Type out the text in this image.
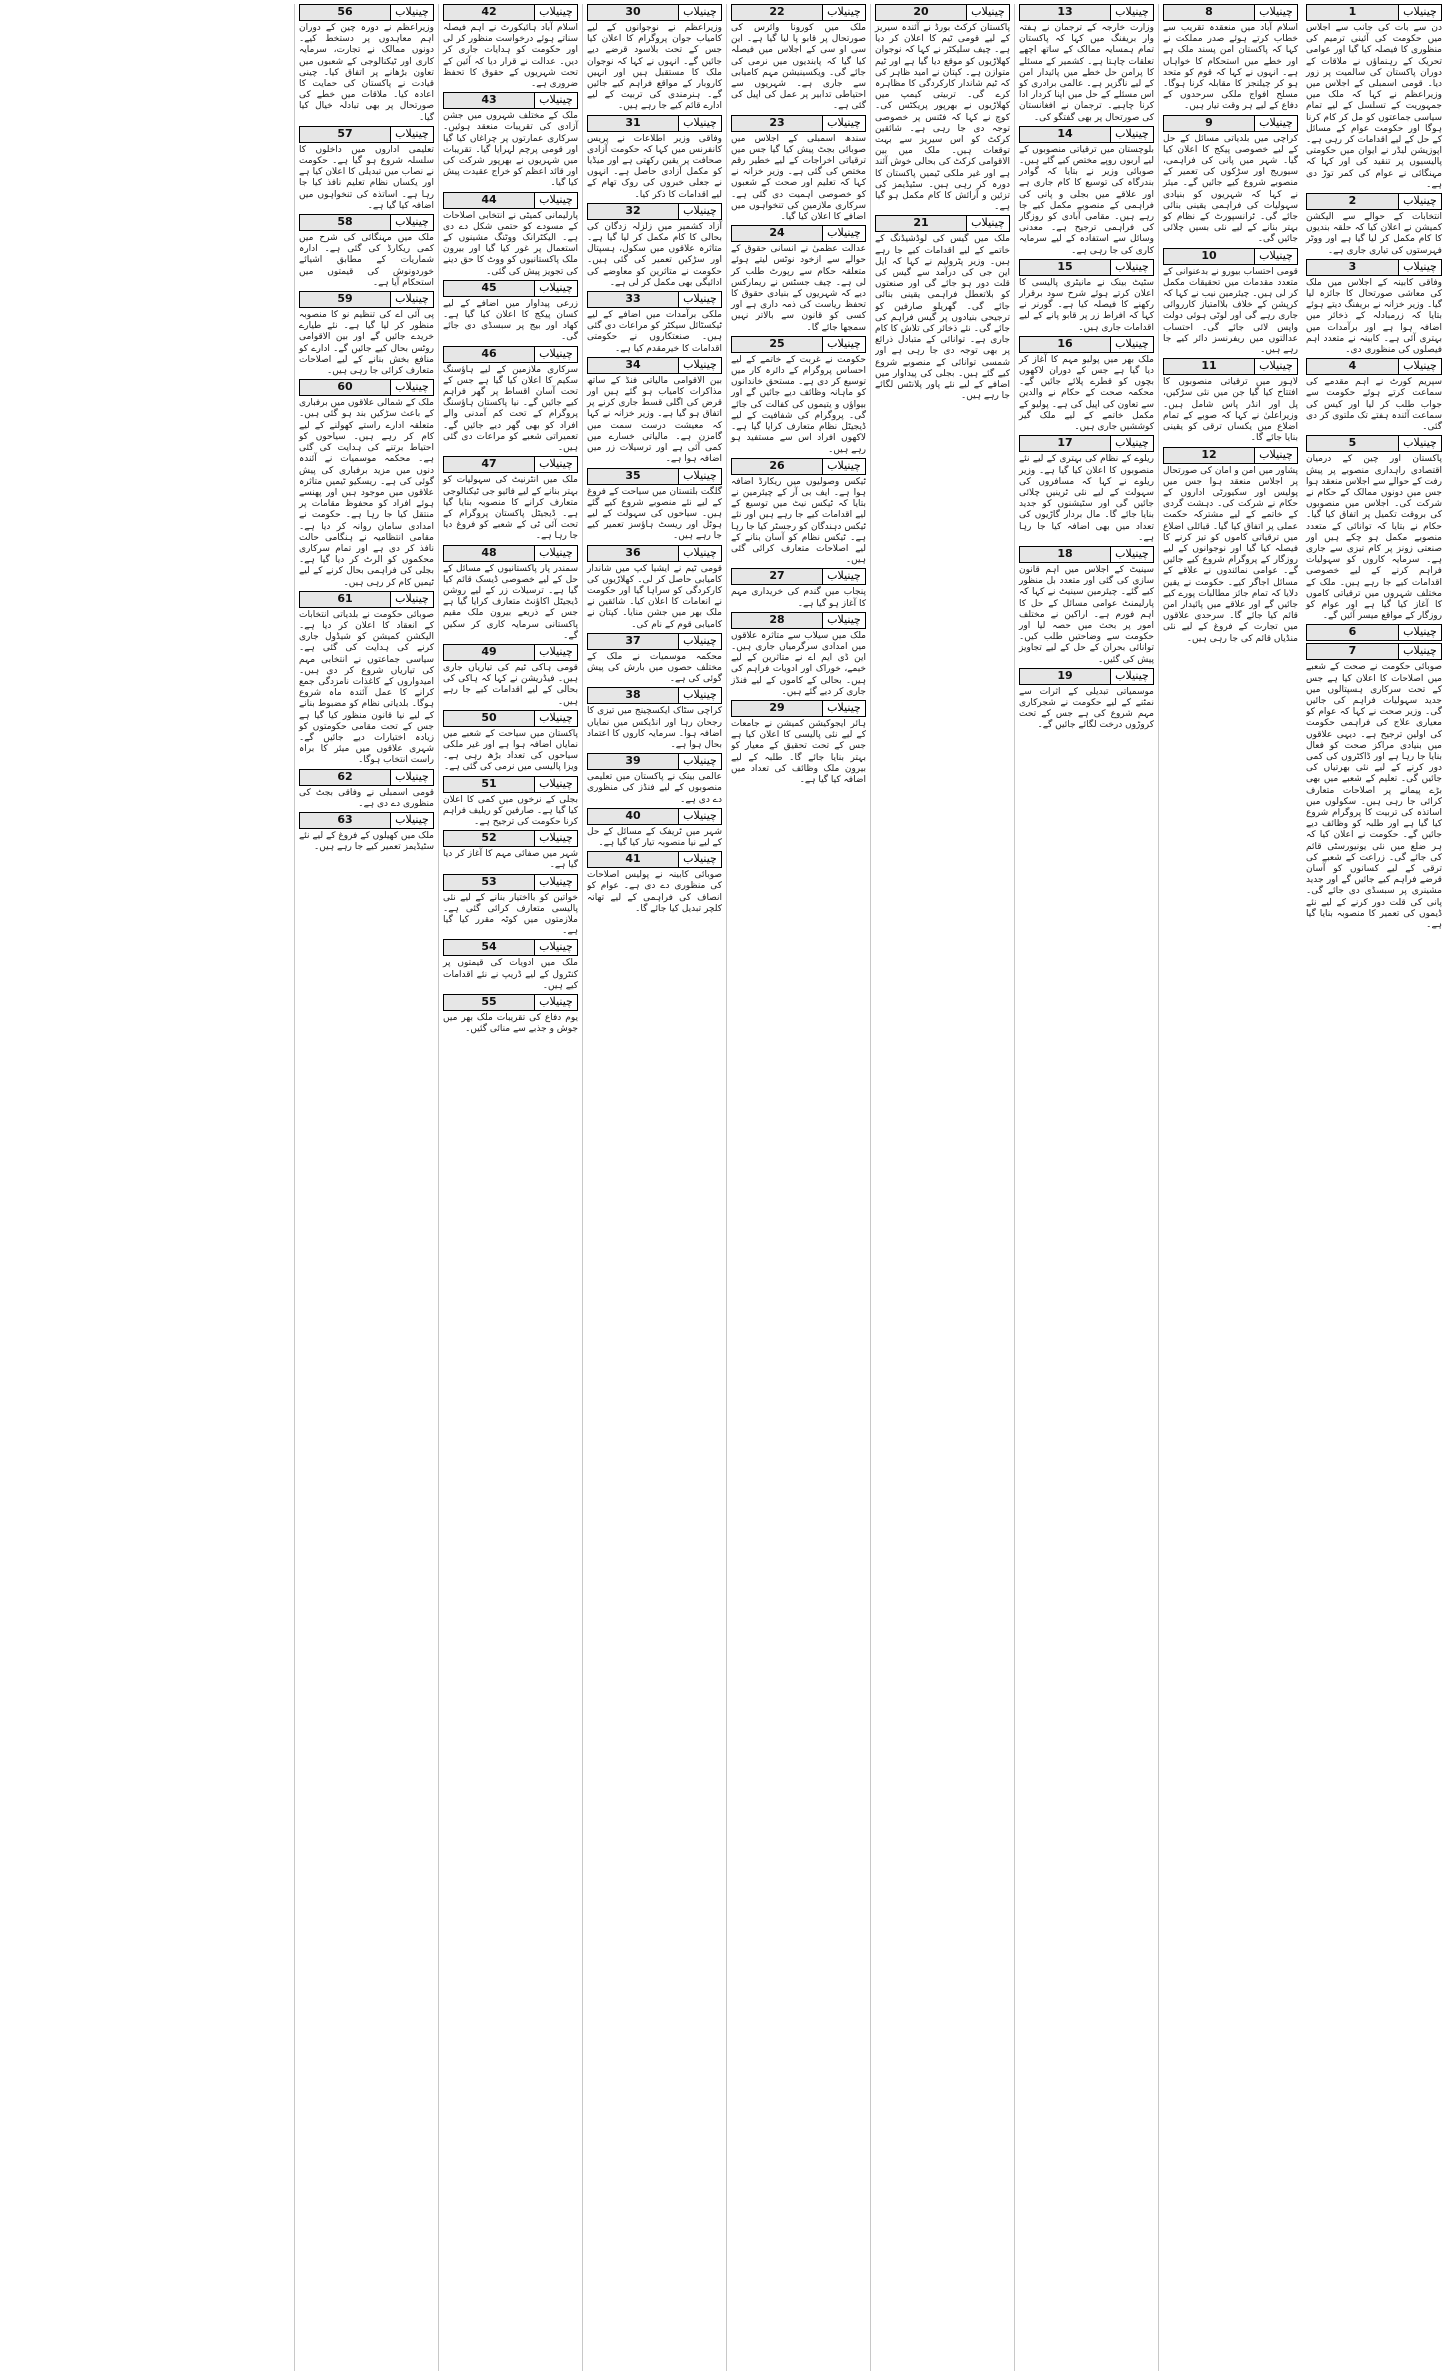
چینیلاب
1

دن سے بات کی جانب سے اجلاس میں حکومت کی آئینی ترمیم کی منظوری کا فیصلہ کیا گیا اور عوامی تحریک کے رہنماؤں نے ملاقات کے دوران پاکستان کی سالمیت پر زور دیا۔ قومی اسمبلی کے اجلاس میں وزیراعظم نے کہا کہ ملک میں جمہوریت کے تسلسل کے لیے تمام سیاسی جماعتوں کو مل کر کام کرنا ہوگا اور حکومت عوام کے مسائل کے حل کے لیے اقدامات کر رہی ہے۔ اپوزیشن لیڈر نے ایوان میں حکومتی پالیسیوں پر تنقید کی اور کہا کہ مہنگائی نے عوام کی کمر توڑ دی ہے۔

چینیلاب
2

انتخابات کے حوالے سے الیکشن کمیشن نے اعلان کیا کہ حلقہ بندیوں کا کام مکمل کر لیا گیا ہے اور ووٹر فہرستوں کی تیاری جاری ہے۔

چینیلاب
3

وفاقی کابینہ کے اجلاس میں ملک کی معاشی صورتحال کا جائزہ لیا گیا۔ وزیر خزانہ نے بریفنگ دیتے ہوئے بتایا کہ زرمبادلہ کے ذخائر میں اضافہ ہوا ہے اور برآمدات میں بہتری آئی ہے۔ کابینہ نے متعدد اہم فیصلوں کی منظوری دی۔

چینیلاب
4

سپریم کورٹ نے اہم مقدمے کی سماعت کرتے ہوئے حکومت سے جواب طلب کر لیا اور کیس کی سماعت آئندہ ہفتے تک ملتوی کر دی گئی۔

چینیلاب
5

پاکستان اور چین کے درمیان اقتصادی راہداری منصوبے پر پیش رفت کے حوالے سے اجلاس منعقد ہوا جس میں دونوں ممالک کے حکام نے شرکت کی۔ اجلاس میں منصوبوں کی بروقت تکمیل پر اتفاق کیا گیا۔ حکام نے بتایا کہ توانائی کے متعدد منصوبے مکمل ہو چکے ہیں اور صنعتی زونز پر کام تیزی سے جاری ہے۔ سرمایہ کاروں کو سہولیات فراہم کرنے کے لیے خصوصی اقدامات کیے جا رہے ہیں۔ ملک کے مختلف شہروں میں ترقیاتی کاموں کا آغاز کیا گیا ہے اور عوام کو روزگار کے مواقع میسر آئیں گے۔

چینیلاب
6
چینیلاب
7

صوبائی حکومت نے صحت کے شعبے میں اصلاحات کا اعلان کیا ہے جس کے تحت سرکاری ہسپتالوں میں جدید سہولیات فراہم کی جائیں گی۔ وزیر صحت نے کہا کہ عوام کو معیاری علاج کی فراہمی حکومت کی اولین ترجیح ہے۔ دیہی علاقوں میں بنیادی مراکز صحت کو فعال بنایا جا رہا ہے اور ڈاکٹروں کی کمی دور کرنے کے لیے نئی بھرتیاں کی جائیں گی۔ تعلیم کے شعبے میں بھی بڑے پیمانے پر اصلاحات متعارف کرائی جا رہی ہیں۔ سکولوں میں اساتذہ کی تربیت کا پروگرام شروع کیا گیا ہے اور طلبہ کو وظائف دیے جائیں گے۔ حکومت نے اعلان کیا کہ ہر ضلع میں نئی یونیورسٹی قائم کی جائے گی۔ زراعت کے شعبے کی ترقی کے لیے کسانوں کو آسان قرضے فراہم کیے جائیں گے اور جدید مشینری پر سبسڈی دی جائے گی۔ پانی کی قلت دور کرنے کے لیے نئے ڈیموں کی تعمیر کا منصوبہ بنایا گیا ہے۔

چینیلاب
8

اسلام آباد میں منعقدہ تقریب سے خطاب کرتے ہوئے صدر مملکت نے کہا کہ پاکستان امن پسند ملک ہے اور خطے میں استحکام کا خواہاں ہے۔ انہوں نے کہا کہ قوم کو متحد ہو کر چیلنجز کا مقابلہ کرنا ہوگا۔ مسلح افواج ملکی سرحدوں کے دفاع کے لیے ہر وقت تیار ہیں۔

چینیلاب
9

کراچی میں بلدیاتی مسائل کے حل کے لیے خصوصی پیکج کا اعلان کیا گیا۔ شہر میں پانی کی فراہمی، سیوریج اور سڑکوں کی تعمیر کے منصوبے شروع کیے جائیں گے۔ میئر نے کہا کہ شہریوں کو بنیادی سہولیات کی فراہمی یقینی بنائی جائے گی۔ ٹرانسپورٹ کے نظام کو بہتر بنانے کے لیے نئی بسیں چلائی جائیں گی۔

چینیلاب
10

قومی احتساب بیورو نے بدعنوانی کے متعدد مقدمات میں تحقیقات مکمل کر لی ہیں۔ چیئرمین نیب نے کہا کہ کرپشن کے خلاف بلاامتیاز کارروائی جاری رہے گی اور لوٹی ہوئی دولت واپس لائی جائے گی۔ احتساب عدالتوں میں ریفرنسز دائر کیے جا رہے ہیں۔

چینیلاب
11

لاہور میں ترقیاتی منصوبوں کا افتتاح کیا گیا جن میں نئی سڑکیں، پل اور انڈر پاس شامل ہیں۔ وزیراعلیٰ نے کہا کہ صوبے کے تمام اضلاع میں یکساں ترقی کو یقینی بنایا جائے گا۔

چینیلاب
12

پشاور میں امن و امان کی صورتحال پر اجلاس منعقد ہوا جس میں پولیس اور سکیورٹی اداروں کے حکام نے شرکت کی۔ دہشت گردی کے خاتمے کے لیے مشترکہ حکمت عملی پر اتفاق کیا گیا۔ قبائلی اضلاع میں ترقیاتی کاموں کو تیز کرنے کا فیصلہ کیا گیا اور نوجوانوں کے لیے روزگار کے پروگرام شروع کیے جائیں گے۔ عوامی نمائندوں نے علاقے کے مسائل اجاگر کیے۔ حکومت نے یقین دلایا کہ تمام جائز مطالبات پورے کیے جائیں گے اور علاقے میں پائیدار امن قائم کیا جائے گا۔ سرحدی علاقوں میں تجارت کے فروغ کے لیے نئی منڈیاں قائم کی جا رہی ہیں۔

چینیلاب
13

وزارت خارجہ کے ترجمان نے ہفتہ وار بریفنگ میں کہا کہ پاکستان تمام ہمسایہ ممالک کے ساتھ اچھے تعلقات چاہتا ہے۔ کشمیر کے مسئلے کا پرامن حل خطے میں پائیدار امن کے لیے ناگزیر ہے۔ عالمی برادری کو اس مسئلے کے حل میں اپنا کردار ادا کرنا چاہیے۔ ترجمان نے افغانستان کی صورتحال پر بھی گفتگو کی۔

چینیلاب
14

بلوچستان میں ترقیاتی منصوبوں کے لیے اربوں روپے مختص کیے گئے ہیں۔ صوبائی وزیر نے بتایا کہ گوادر بندرگاہ کی توسیع کا کام جاری ہے اور علاقے میں بجلی و پانی کی فراہمی کے منصوبے مکمل کیے جا رہے ہیں۔ مقامی آبادی کو روزگار کی فراہمی ترجیح ہے۔ معدنی وسائل سے استفادہ کے لیے سرمایہ کاری کی جا رہی ہے۔

چینیلاب
15

سٹیٹ بینک نے مانیٹری پالیسی کا اعلان کرتے ہوئے شرح سود برقرار رکھنے کا فیصلہ کیا ہے۔ گورنر نے کہا کہ افراط زر پر قابو پانے کے لیے اقدامات جاری ہیں۔

چینیلاب
16

ملک بھر میں پولیو مہم کا آغاز کر دیا گیا ہے جس کے دوران لاکھوں بچوں کو قطرے پلائے جائیں گے۔ محکمہ صحت کے حکام نے والدین سے تعاون کی اپیل کی ہے۔ پولیو کے مکمل خاتمے کے لیے ملک گیر کوششیں جاری ہیں۔

چینیلاب
17

ریلوے کے نظام کی بہتری کے لیے نئے منصوبوں کا اعلان کیا گیا ہے۔ وزیر ریلوے نے کہا کہ مسافروں کی سہولت کے لیے نئی ٹرینیں چلائی جائیں گی اور سٹیشنوں کو جدید بنایا جائے گا۔ مال بردار گاڑیوں کی تعداد میں بھی اضافہ کیا جا رہا ہے۔

چینیلاب
18

سینیٹ کے اجلاس میں اہم قانون سازی کی گئی اور متعدد بل منظور کیے گئے۔ چیئرمین سینیٹ نے کہا کہ پارلیمنٹ عوامی مسائل کے حل کا اہم فورم ہے۔ اراکین نے مختلف امور پر بحث میں حصہ لیا اور حکومت سے وضاحتیں طلب کیں۔ توانائی بحران کے حل کے لیے تجاویز پیش کی گئیں۔

چینیلاب
19

موسمیاتی تبدیلی کے اثرات سے نمٹنے کے لیے حکومت نے شجرکاری مہم شروع کی ہے جس کے تحت کروڑوں درخت لگائے جائیں گے۔

چینیلاب
20

پاکستان کرکٹ بورڈ نے آئندہ سیریز کے لیے قومی ٹیم کا اعلان کر دیا ہے۔ چیف سلیکٹر نے کہا کہ نوجوان کھلاڑیوں کو موقع دیا گیا ہے اور ٹیم متوازن ہے۔ کپتان نے امید ظاہر کی کہ ٹیم شاندار کارکردگی کا مظاہرہ کرے گی۔ تربیتی کیمپ میں کھلاڑیوں نے بھرپور پریکٹس کی۔ کوچ نے کہا کہ فٹنس پر خصوصی توجہ دی جا رہی ہے۔ شائقین کرکٹ کو اس سیریز سے بہت توقعات ہیں۔ ملک میں بین الاقوامی کرکٹ کی بحالی خوش آئند ہے اور غیر ملکی ٹیمیں پاکستان کا دورہ کر رہی ہیں۔ سٹیڈیمز کی تزئین و آرائش کا کام مکمل ہو گیا ہے۔

چینیلاب
21

ملک میں گیس کی لوڈشیڈنگ کے خاتمے کے لیے اقدامات کیے جا رہے ہیں۔ وزیر پٹرولیم نے کہا کہ ایل این جی کی درآمد سے گیس کی قلت دور ہو جائے گی اور صنعتوں کو بلاتعطل فراہمی یقینی بنائی جائے گی۔ گھریلو صارفین کو ترجیحی بنیادوں پر گیس فراہم کی جائے گی۔ نئے ذخائر کی تلاش کا کام جاری ہے۔ توانائی کے متبادل ذرائع پر بھی توجہ دی جا رہی ہے اور شمسی توانائی کے منصوبے شروع کیے گئے ہیں۔ بجلی کی پیداوار میں اضافے کے لیے نئے پاور پلانٹس لگائے جا رہے ہیں۔

چینیلاب
22

ملک میں کورونا وائرس کی صورتحال پر قابو پا لیا گیا ہے۔ این سی او سی کے اجلاس میں فیصلہ کیا گیا کہ پابندیوں میں نرمی کی جائے گی۔ ویکسینیشن مہم کامیابی سے جاری ہے۔ شہریوں سے احتیاطی تدابیر پر عمل کی اپیل کی گئی ہے۔

چینیلاب
23

سندھ اسمبلی کے اجلاس میں صوبائی بجٹ پیش کیا گیا جس میں ترقیاتی اخراجات کے لیے خطیر رقم مختص کی گئی ہے۔ وزیر خزانہ نے کہا کہ تعلیم اور صحت کے شعبوں کو خصوصی اہمیت دی گئی ہے۔ سرکاری ملازمین کی تنخواہوں میں اضافے کا اعلان کیا گیا۔

چینیلاب
24

عدالت عظمیٰ نے انسانی حقوق کے حوالے سے ازخود نوٹس لیتے ہوئے متعلقہ حکام سے رپورٹ طلب کر لی ہے۔ چیف جسٹس نے ریمارکس دیے کہ شہریوں کے بنیادی حقوق کا تحفظ ریاست کی ذمہ داری ہے اور کسی کو قانون سے بالاتر نہیں سمجھا جائے گا۔

چینیلاب
25

حکومت نے غربت کے خاتمے کے لیے احساس پروگرام کے دائرہ کار میں توسیع کر دی ہے۔ مستحق خاندانوں کو ماہانہ وظائف دیے جائیں گے اور بیواؤں و یتیموں کی کفالت کی جائے گی۔ پروگرام کی شفافیت کے لیے ڈیجیٹل نظام متعارف کرایا گیا ہے۔ لاکھوں افراد اس سے مستفید ہو رہے ہیں۔

چینیلاب
26

ٹیکس وصولیوں میں ریکارڈ اضافہ ہوا ہے۔ ایف بی آر کے چیئرمین نے بتایا کہ ٹیکس نیٹ میں توسیع کے لیے اقدامات کیے جا رہے ہیں اور نئے ٹیکس دہندگان کو رجسٹر کیا جا رہا ہے۔ ٹیکس نظام کو آسان بنانے کے لیے اصلاحات متعارف کرائی گئی ہیں۔

چینیلاب
27

پنجاب میں گندم کی خریداری مہم کا آغاز ہو گیا ہے۔

چینیلاب
28

ملک میں سیلاب سے متاثرہ علاقوں میں امدادی سرگرمیاں جاری ہیں۔ این ڈی ایم اے نے متاثرین کے لیے خیمے، خوراک اور ادویات فراہم کی ہیں۔ بحالی کے کاموں کے لیے فنڈز جاری کر دیے گئے ہیں۔

چینیلاب
29

ہائر ایجوکیشن کمیشن نے جامعات کے لیے نئی پالیسی کا اعلان کیا ہے جس کے تحت تحقیق کے معیار کو بہتر بنایا جائے گا۔ طلبہ کے لیے بیرون ملک وظائف کی تعداد میں اضافہ کیا گیا ہے۔

چینیلاب
30

وزیراعظم نے نوجوانوں کے لیے کامیاب جوان پروگرام کا اعلان کیا جس کے تحت بلاسود قرضے دیے جائیں گے۔ انہوں نے کہا کہ نوجوان ملک کا مستقبل ہیں اور انہیں کاروبار کے مواقع فراہم کیے جائیں گے۔ ہنرمندی کی تربیت کے لیے ادارے قائم کیے جا رہے ہیں۔

چینیلاب
31

وفاقی وزیر اطلاعات نے پریس کانفرنس میں کہا کہ حکومت آزادی صحافت پر یقین رکھتی ہے اور میڈیا کو مکمل آزادی حاصل ہے۔ انہوں نے جعلی خبروں کی روک تھام کے لیے اقدامات کا ذکر کیا۔

چینیلاب
32

آزاد کشمیر میں زلزلہ زدگان کی بحالی کا کام مکمل کر لیا گیا ہے۔ متاثرہ علاقوں میں سکول، ہسپتال اور سڑکیں تعمیر کی گئی ہیں۔ حکومت نے متاثرین کو معاوضے کی ادائیگی بھی مکمل کر لی ہے۔

چینیلاب
33

ملکی برآمدات میں اضافے کے لیے ٹیکسٹائل سیکٹر کو مراعات دی گئی ہیں۔ صنعتکاروں نے حکومتی اقدامات کا خیرمقدم کیا ہے۔

چینیلاب
34

بین الاقوامی مالیاتی فنڈ کے ساتھ مذاکرات کامیاب ہو گئے ہیں اور قرض کی اگلی قسط جاری کرنے پر اتفاق ہو گیا ہے۔ وزیر خزانہ نے کہا کہ معیشت درست سمت میں گامزن ہے۔ مالیاتی خسارے میں کمی آئی ہے اور ترسیلات زر میں اضافہ ہوا ہے۔

چینیلاب
35

گلگت بلتستان میں سیاحت کے فروغ کے لیے نئے منصوبے شروع کیے گئے ہیں۔ سیاحوں کی سہولت کے لیے ہوٹل اور ریسٹ ہاؤسز تعمیر کیے جا رہے ہیں۔

چینیلاب
36

قومی ٹیم نے ایشیا کپ میں شاندار کامیابی حاصل کر لی۔ کھلاڑیوں کی کارکردگی کو سراہا گیا اور حکومت نے انعامات کا اعلان کیا۔ شائقین نے ملک بھر میں جشن منایا۔ کپتان نے کامیابی قوم کے نام کی۔

چینیلاب
37

محکمہ موسمیات نے ملک کے مختلف حصوں میں بارش کی پیش گوئی کی ہے۔

چینیلاب
38

کراچی سٹاک ایکسچینج میں تیزی کا رجحان رہا اور انڈیکس میں نمایاں اضافہ ہوا۔ سرمایہ کاروں کا اعتماد بحال ہوا ہے۔

چینیلاب
39

عالمی بینک نے پاکستان میں تعلیمی منصوبوں کے لیے فنڈز کی منظوری دے دی ہے۔

چینیلاب
40

شہر میں ٹریفک کے مسائل کے حل کے لیے نیا منصوبہ تیار کیا گیا ہے۔

چینیلاب
41

صوبائی کابینہ نے پولیس اصلاحات کی منظوری دے دی ہے۔ عوام کو انصاف کی فراہمی کے لیے تھانہ کلچر تبدیل کیا جائے گا۔

چینیلاب
42

اسلام آباد ہائیکورٹ نے اہم فیصلہ سناتے ہوئے درخواست منظور کر لی اور حکومت کو ہدایات جاری کر دیں۔ عدالت نے قرار دیا کہ آئین کے تحت شہریوں کے حقوق کا تحفظ ضروری ہے۔

چینیلاب
43

ملک کے مختلف شہروں میں جشن آزادی کی تقریبات منعقد ہوئیں۔ سرکاری عمارتوں پر چراغاں کیا گیا اور قومی پرچم لہرایا گیا۔ تقریبات میں شہریوں نے بھرپور شرکت کی اور قائد اعظم کو خراج عقیدت پیش کیا گیا۔

چینیلاب
44

پارلیمانی کمیٹی نے انتخابی اصلاحات کے مسودے کو حتمی شکل دے دی ہے۔ الیکٹرانک ووٹنگ مشینوں کے استعمال پر غور کیا گیا اور بیرون ملک پاکستانیوں کو ووٹ کا حق دینے کی تجویز پیش کی گئی۔

چینیلاب
45

زرعی پیداوار میں اضافے کے لیے کسان پیکج کا اعلان کیا گیا ہے۔ کھاد اور بیج پر سبسڈی دی جائے گی۔

چینیلاب
46

سرکاری ملازمین کے لیے ہاؤسنگ سکیم کا اعلان کیا گیا ہے جس کے تحت آسان اقساط پر گھر فراہم کیے جائیں گے۔ نیا پاکستان ہاؤسنگ پروگرام کے تحت کم آمدنی والے افراد کو بھی گھر دیے جائیں گے۔ تعمیراتی شعبے کو مراعات دی گئی ہیں۔

چینیلاب
47

ملک میں انٹرنیٹ کی سہولیات کو بہتر بنانے کے لیے فائیو جی ٹیکنالوجی متعارف کرانے کا منصوبہ بنایا گیا ہے۔ ڈیجیٹل پاکستان پروگرام کے تحت آئی ٹی کے شعبے کو فروغ دیا جا رہا ہے۔

چینیلاب
48

سمندر پار پاکستانیوں کے مسائل کے حل کے لیے خصوصی ڈیسک قائم کیا گیا ہے۔ ترسیلات زر کے لیے روشن ڈیجیٹل اکاؤنٹ متعارف کرایا گیا ہے جس کے ذریعے بیرون ملک مقیم پاکستانی سرمایہ کاری کر سکیں گے۔

چینیلاب
49

قومی ہاکی ٹیم کی تیاریاں جاری ہیں۔ فیڈریشن نے کہا کہ ہاکی کی بحالی کے لیے اقدامات کیے جا رہے ہیں۔

چینیلاب
50

پاکستان میں سیاحت کے شعبے میں نمایاں اضافہ ہوا ہے اور غیر ملکی سیاحوں کی تعداد بڑھ رہی ہے۔ ویزا پالیسی میں نرمی کی گئی ہے۔

چینیلاب
51

بجلی کے نرخوں میں کمی کا اعلان کیا گیا ہے۔ صارفین کو ریلیف فراہم کرنا حکومت کی ترجیح ہے۔

چینیلاب
52

شہر میں صفائی مہم کا آغاز کر دیا گیا ہے۔

چینیلاب
53

خواتین کو بااختیار بنانے کے لیے نئی پالیسی متعارف کرائی گئی ہے۔ ملازمتوں میں کوٹہ مقرر کیا گیا ہے۔

چینیلاب
54

ملک میں ادویات کی قیمتوں پر کنٹرول کے لیے ڈریپ نے نئے اقدامات کیے ہیں۔

چینیلاب
55

یوم دفاع کی تقریبات ملک بھر میں جوش و جذبے سے منائی گئیں۔

چینیلاب
56

وزیراعظم نے دورہ چین کے دوران اہم معاہدوں پر دستخط کیے۔ دونوں ممالک نے تجارت، سرمایہ کاری اور ٹیکنالوجی کے شعبوں میں تعاون بڑھانے پر اتفاق کیا۔ چینی قیادت نے پاکستان کی حمایت کا اعادہ کیا۔ ملاقات میں خطے کی صورتحال پر بھی تبادلہ خیال کیا گیا۔

چینیلاب
57

تعلیمی اداروں میں داخلوں کا سلسلہ شروع ہو گیا ہے۔ حکومت نے نصاب میں تبدیلی کا اعلان کیا ہے اور یکساں نظام تعلیم نافذ کیا جا رہا ہے۔ اساتذہ کی تنخواہوں میں اضافہ کیا گیا ہے۔

چینیلاب
58

ملک میں مہنگائی کی شرح میں کمی ریکارڈ کی گئی ہے۔ ادارہ شماریات کے مطابق اشیائے خوردونوش کی قیمتوں میں استحکام آیا ہے۔

چینیلاب
59

پی آئی اے کی تنظیم نو کا منصوبہ منظور کر لیا گیا ہے۔ نئے طیارے خریدے جائیں گے اور بین الاقوامی روٹس بحال کیے جائیں گے۔ ادارے کو منافع بخش بنانے کے لیے اصلاحات متعارف کرائی جا رہی ہیں۔

چینیلاب
60

ملک کے شمالی علاقوں میں برفباری کے باعث سڑکیں بند ہو گئی ہیں۔ متعلقہ ادارے راستے کھولنے کے لیے کام کر رہے ہیں۔ سیاحوں کو احتیاط برتنے کی ہدایت کی گئی ہے۔ محکمہ موسمیات نے آئندہ دنوں میں مزید برفباری کی پیش گوئی کی ہے۔ ریسکیو ٹیمیں متاثرہ علاقوں میں موجود ہیں اور پھنسے ہوئے افراد کو محفوظ مقامات پر منتقل کیا جا رہا ہے۔ حکومت نے امدادی سامان روانہ کر دیا ہے۔ مقامی انتظامیہ نے ہنگامی حالت نافذ کر دی ہے اور تمام سرکاری محکموں کو الرٹ کر دیا گیا ہے۔ بجلی کی فراہمی بحال کرنے کے لیے ٹیمیں کام کر رہی ہیں۔

چینیلاب
61

صوبائی حکومت نے بلدیاتی انتخابات کے انعقاد کا اعلان کر دیا ہے۔ الیکشن کمیشن کو شیڈول جاری کرنے کی ہدایت کی گئی ہے۔ سیاسی جماعتوں نے انتخابی مہم کی تیاریاں شروع کر دی ہیں۔ امیدواروں کے کاغذات نامزدگی جمع کرانے کا عمل آئندہ ماہ شروع ہوگا۔ بلدیاتی نظام کو مضبوط بنانے کے لیے نیا قانون منظور کیا گیا ہے جس کے تحت مقامی حکومتوں کو زیادہ اختیارات دیے جائیں گے۔ شہری علاقوں میں میئر کا براہ راست انتخاب ہوگا۔

چینیلاب
62

قومی اسمبلی نے وفاقی بجٹ کی منظوری دے دی ہے۔

چینیلاب
63

ملک میں کھیلوں کے فروغ کے لیے نئے سٹیڈیمز تعمیر کیے جا رہے ہیں۔
